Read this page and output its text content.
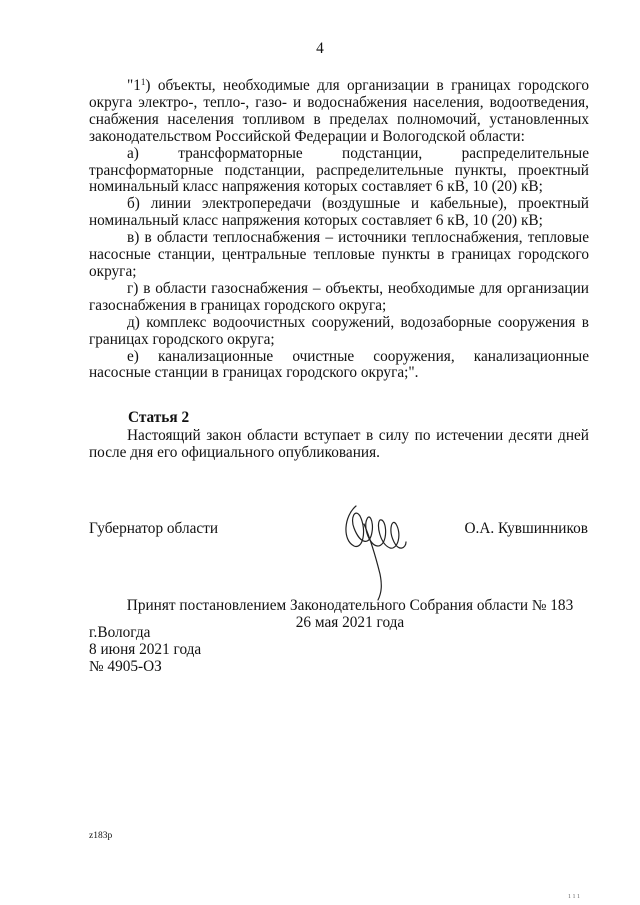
4

"$1^1$) объекты, необходимые для организации в границах городского округа электро-, тепло-, газо- и водоснабжения населения, водоотведения, снабжения населения топливом в пределах полномочий, установленных законодательством Российской Федерации и Вологодской области:

а) трансформаторные подстанции, распределительные трансформаторные подстанции, распределительные пункты, проектный номинальный класс напряжения которых составляет 6 кВ, 10 (20) кВ;

б) линии электропередачи (воздушные и кабельные), проектный номинальный класс напряжения которых составляет 6 кВ, 10 (20) кВ;

в) в области теплоснабжения – источники теплоснабжения, тепловые насосные станции, центральные тепловые пункты в границах городского округа;

г) в области газоснабжения – объекты, необходимые для организации газоснабжения в границах городского округа;

д) комплекс водоочистных сооружений, водозаборные сооружения в границах городского округа;

е) канализационные очистные сооружения, канализационные насосные станции в границах городского округа;".

Статья 2

Настоящий закон области вступает в силу по истечении десяти дней после дня его официального опубликования.

Губернатор области	О.А. Кувшинников
Принят постановлением Законодательного Собрания области № 183
26 мая 2021 года
г.Вологда
8 июня 2021 года
№ 4905-ОЗ
z183p
1 1 1
